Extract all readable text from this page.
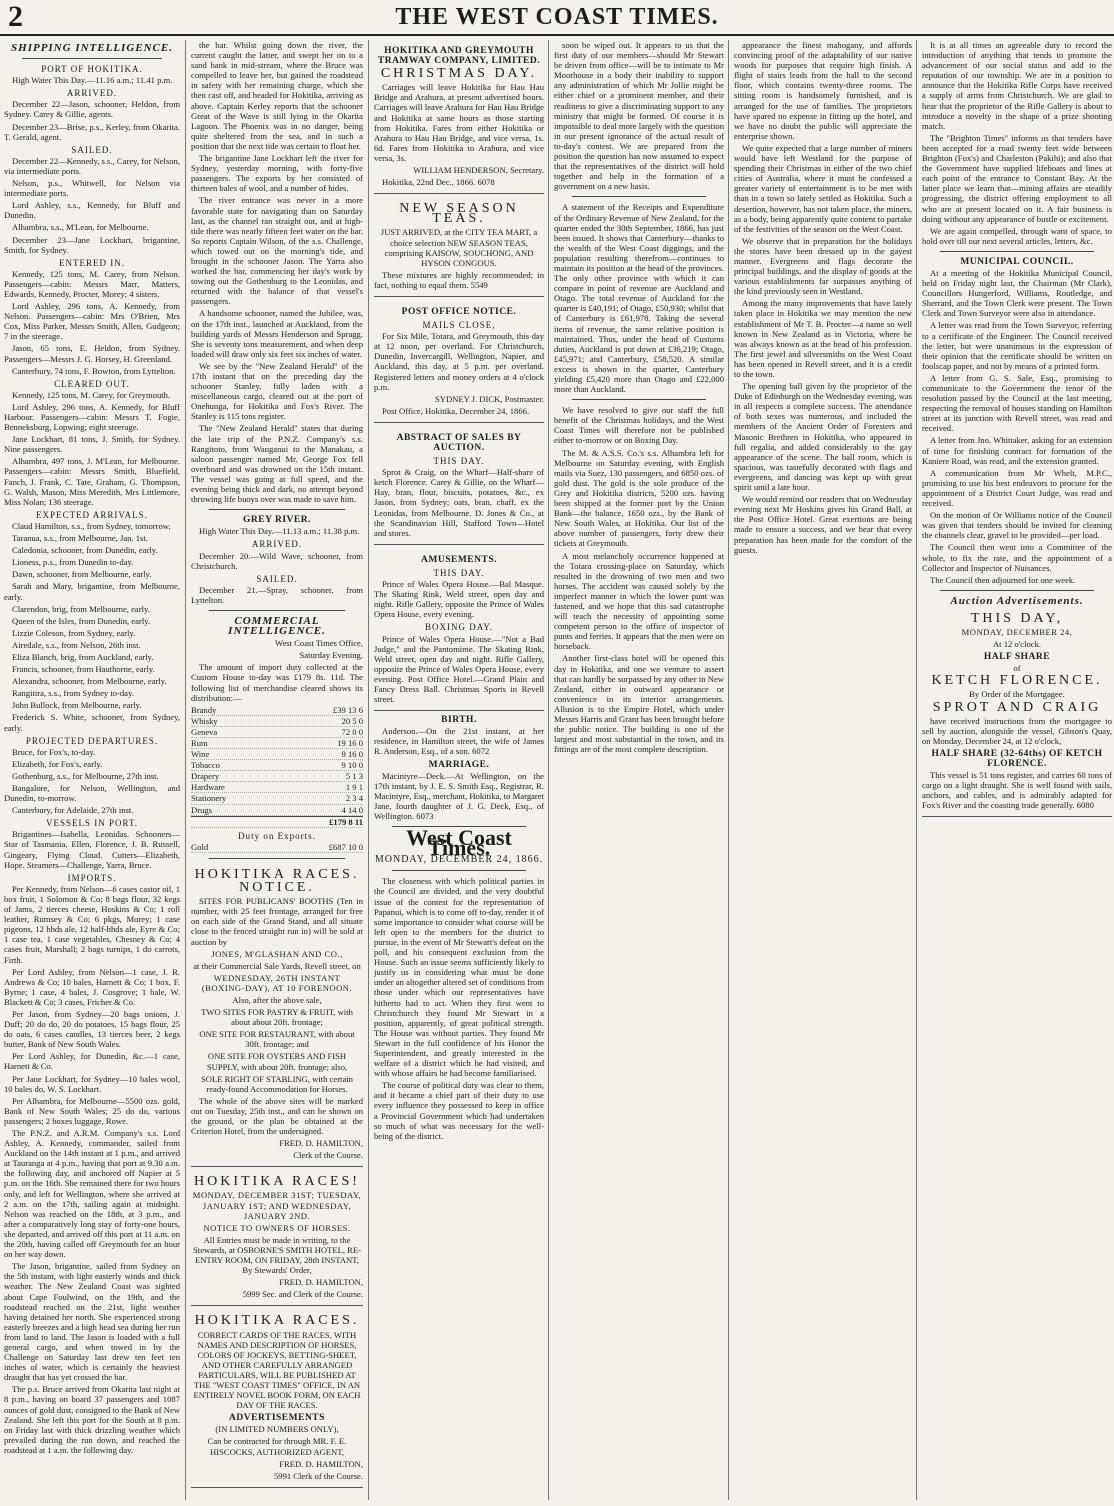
2	THE WEST COAST TIMES.
SHIPPING INTELLIGENCE.
PORT OF HOKITIKA.

High Water This Day.—11.16 a.m.; 11.41 p.m.

ARRIVED.

December 22—Jason, schooner, Heldon, from Sydney. Carey & Gillie, agents.

December 23—Brise, p.s., Kerley, from Okarita. T. Gerald, agent.

SAILED.

December 22—Kennedy, s.s., Carey, for Nelson, via intermediate ports.

Nelson, p.s., Whitwell, for Nelson via intermediate ports.

Lord Ashley, s.s., Kennedy, for Bluff and Dunedin.

Alhambra, s.s., M'Lean, for Melbourne.

December 23—Jane Lockhart, brigantine, Smith, for Sydney.

ENTERED IN.

Kennedy, 125 tons, M. Carey, from Nelson. Passengers—cabin: Messrs Marr, Matters, Edwards, Kennedy, Procter, Morey; 4 sisters.

Lord Ashley, 296 tons, A. Kennedy, from Nelson. Passengers—cabin: Mrs O'Brien, Mrs Cox, Miss Parker, Messrs Smith, Allen, Gudgeon; 7 in the steerage.

Jason, 65 tons, E. Heldon, from Sydney. Passengers—Messrs J. G. Horsey, H. Greenland.

Canterbury, 74 tons, F. Bowton, from Lyttelton.

CLEARED OUT.

Kennedy, 125 tons, M. Carey, for Greymouth.

Lord Ashley, 296 tons, A. Kennedy, for Bluff Harbour. Passengers—cabin: Messrs T. Fogie, Benneksburg, Lopwing; eight steerage.

Jane Lockhart, 81 tons, J. Smith, for Sydney. Nine passengers.

Alhambra, 497 tons, J. M'Lean, for Melbourne. Passengers—cabin: Messrs Smith, Bluefield, Fanch, J. Frank, C. Tate, Graham, G. Thompson, G. Walsh, Mason, Miss Meredith, Mrs Littlemore, Miss Nolan; 136 steerage.

EXPECTED ARRIVALS.

Claud Hamilton, s.s., from Sydney, tomorrow.

Taranua, s.s., from Melbourne, Jan. 1st.

Caledonia, schooner, from Dunedin, early.

Lioness, p.s., from Dunedin to-day.

Dawn, schooner, from Melbourne, early.

Sarah and Mary, brigantine, from Melbourne, early.

Clarendon, brig, from Melbourne, early.

Queen of the Isles, from Dunedin, early.

Lizzie Coleson, from Sydney, early.

Airedale, s.s., from Nelson, 26th inst.

Eliza Blanch, brig, from Auckland, early.

Francis, schooner, from Hauthorne, early.

Alexandra, schooner, from Melbourne, early.

Rangitira, s.s., from Sydney to-day.

John Bullock, from Melbourne, early.

Frederick S. White, schooner, from Sydney, early.

PROJECTED DEPARTURES.

Bruce, for Fox's, to-day.

Elizabeth, for Fox's, early.

Gothenburg, s.s., for Melbourne, 27th inst.

Bangalore, for Nelson, Wellington, and Dunedin, to-morrow.

Canterbury, for Adelaide, 27th inst.

VESSELS IN PORT.

Brigantines—Isabella, Leonidas. Schooners—Star of Tasmania, Ellen, Florence, J. B. Russell, Gingeary, Flying Cloud. Cutters—Elizabeth, Hope. Steamers—Challenge, Yarra, Bruce.

IMPORTS.

Per Kennedy, from Nelson—6 cases castor oil, 1 box fruit, 1 Solomon & Co; 8 bags flour, 32 kegs of Jams, 2 tierces cheese, Hoskins & Co; 1 roll leather, Rumsey & Co; 6 pkgs, Morey; 1 case pigeons, 12 hhds ale, 12 half-hhds ale, Eyre & Co; 1 case tea, 1 case vegetables, Chesney & Co; 4 cases fruit, Marshall; 2 bags turnips, 1 do carrots, Firth.

Per Lord Ashley, from Nelson—1 case, J. R. Andrews & Co; 10 bales, Harnett & Co; 1 box, F. Byrne; 1 case, 4 bales, J. Cosgrove; 1 bale, W. Blackett & Co; 3 cases, Fricher & Co.

Per Jason, from Sydney—20 bags onions, J. Duff; 20 do do, 20 do potatoes, 15 bags flour, 25 do oats, 6 cases candles, 13 tierces beer, 2 kegs butter, Bank of New South Wales.

Per Lord Ashley, for Dunedin, &c.—1 case, Harnett & Co.

Per Jane Lockhart, for Sydney—10 bales wool, 10 bales do, W. S. Lockhart.

Per Alhambra, for Melbourne—5500 ozs. gold, Bank of New South Wales; 25 do do, various passengers; 2 boxes luggage, Rowe.

The P.N.Z. and A.R.M. Company's s.s. Lord Ashley, A. Kennedy, commander, sailed from Auckland on the 14th instant at 1 p.m., and arrived at Tauranga at 4 p.m., having that port at 9.30 a.m. the following day, and anchored off Napier at 5 p.m. on the 16th. She remained there for two hours only, and left for Wellington, where she arrived at 2 a.m. on the 17th, sailing again at midnight. Nelson was reached on the 18th, at 3 p.m., and after a comparatively long stay of forty-one hours, she departed, and arrived off this port at 11 a.m. on the 20th, having called off Greymouth for an hour on her way down.

The Jason, brigantine, sailed from Sydney on the 5th instant, with light easterly winds and thick weather. The New Zealand Coast was sighted about Cape Foulwind, on the 19th, and the roadstead reached on the 21st, light weather having detained her north. She experienced strong easterly breezes and a high head sea during her run from land to land. The Jason is loaded with a full general cargo, and when towed in by the Challenge on Saturday last drew ten feet ten inches of water, which is certainly the heaviest draught that has yet crossed the bar.

The p.s. Bruce arrived from Okarita last night at 8 p.m., having on board 37 passengers and 1087 ounces of gold dust, consigned to the Bank of New Zealand. She left this port for the South at 8 p.m. on Friday last with thick drizzling weather which prevailed during the run down, and reached the roadstead at 1 a.m. the following day.

the bar. Whilst going down the river, the current caught the latter, and swept her on to a sand bank in mid-stream, where the Bruce was compelled to leave her, but gained the roadstead in safety with her remaining charge, which she then cast off, and headed for Hokitika, arriving as above. Captain Kerley reports that the schooner Great of the Wave is still lying in the Okarita Lagoon. The Phoenix was in no danger, being quite sheltered from the sea, and in such a position that the next tide was certain to float her.

The brigantine Jane Lockhart left the river for Sydney, yesterday morning, with forty-five passengers. The exports by her consisted of thirteen bales of wool, and a number of hides.

The river entrance was never in a more favorable state for navigating than on Saturday last, as the channel ran straight out, and at high-tide there was nearly fifteen feet water on the bar. So reports Captain Wilson, of the s.s. Challenge, which towed out on the morning's tide, and brought in the schooner Jason. The Yarra also worked the bar, commencing her day's work by towing out the Gothenburg to the Leonidas, and returned with the balance of that vessel's passengers.

A handsome schooner, named the Jubilee, was, on the 17th inst., launched at Auckland, from the building yards of Messrs Henderson and Spragg. She is seventy tons measurement, and when deep loaded will draw only six feet six inches of water.

We see by the "New Zealand Herald" of the 17th instant that on the preceding day the schooner Stanley, fully laden with a miscellaneous cargo, cleared out at the port of Onehunga, for Hokitika and Fox's River. The Stanley is 115 tons register.

The "New Zealand Herald" states that during the late trip of the P.N.Z. Company's s.s. Rangitoto, from Wanganui to the Manakau, a saloon passenger named Mr. George Fox fell overboard and was drowned on the 15th instant. The vessel was going at full speed, and the evening being thick and dark, no attempt beyond throwing life buoys over was made to save him.

GREY RIVER.

High Water This Day.—11.13 a.m.; 11.38 p.m.

ARRIVED.

December 20.—Wild Wave, schooner, from Christchurch.

SAILED.

December 21.—Spray, schooner, from Lyttelton.

COMMERCIAL INTELLIGENCE.

West Coast Times Office,

Saturday Evening.

The amount of import duty collected at the Custom House to-day was £179 8s. 11d. The following list of merchandise cleared shows its distribution:—

Brandy	£39 13 6
Whisky	20 5 0
Geneva	72 0 0
Rum	19 16 0
Wine	9 16 0
Tobacco	9 10 0
Drapery	5 1 3
Hardware	1 9 1
Stationery	2 3 4
Drugs	4 14 0
£179 8 11
Duty on Exports.
Gold	£687 10 0
HOKITIKA RACES.
NOTICE.

SITES FOR PUBLICANS' BOOTHS (Ten in number, with 25 feet frontage, arranged for free on each side of the Grand Stand, and all situate close to the fenced straight run in) will be sold at auction by

JONES, M'GLASHAN AND CO.,

at their Commercial Sale Yards, Revell street, on

WEDNESDAY, 26TH INSTANT (BOXING-DAY), AT 10 FORENOON.

Also, after the above sale,

TWO SITES FOR PASTRY & FRUIT, with about about 20ft. frontage;

ONE SITE FOR RESTAURANT, with about 30ft. frontage; and

ONE SITE FOR OYSTERS AND FISH SUPPLY, with about 20ft. frontage; also,

SOLE RIGHT OF STABLING, with certain ready-found Accommodation for Horses.

The whole of the above sites will be marked out on Tuesday, 25th inst., and can be shown on the ground, or the plan be obtained at the Criterion Hotel, from the undersigned.

FRED. D. HAMILTON,

Clerk of the Course.

HOKITIKA RACES!

MONDAY, DECEMBER 31ST; TUESDAY, JANUARY 1ST; AND WEDNESDAY, JANUARY 2ND.

NOTICE TO OWNERS OF HORSES.

All Entries must be made in writing, to the Stewards, at OSBORNE'S SMITH HOTEL, RE-ENTRY ROOM, ON FRIDAY, 28th INSTANT, By Stewards' Order,

FRED. D. HAMILTON,

5999 Sec. and Clerk of the Course.

HOKITIKA RACES.

CORRECT CARDS OF THE RACES, WITH NAMES AND DESCRIPTION OF HORSES, COLORS OF JOCKEYS, BETTING-SHEET, AND OTHER CAREFULLY ARRANGED PARTICULARS, WILL BE PUBLISHED AT THE "WEST COAST TIMES" OFFICE, IN AN ENTIRELY NOVEL BOOK FORM, ON EACH DAY OF THE RACES.

ADVERTISEMENTS

(IN LIMITED NUMBERS ONLY),

Can be contracted for through MR. F. E. HISCOCKS, AUTHORIZED AGENT,

FRED. D. HAMILTON,

5991 Clerk of the Course.

HOKITIKA AND GREYMOUTH TRAMWAY COMPANY, LIMITED.
CHRISTMAS DAY.

Carriages will leave Hokitika for Hau Hau Bridge and Arahura, at present advertised hours. Carriages will leave Arahura for Hau Hau Bridge and Hokitika at same hours as those starting from Hokitika. Fares from either Hokitika or Arahura to Hau Hau Bridge, and vice versa, 1s. 6d. Fares from Hokitika to Arahura, and vice versa, 3s.

WILLIAM HENDERSON, Secretary.

Hokitika, 22nd Dec., 1866. 6078

NEW SEASON TEAS.

JUST ARRIVED, at the CITY TEA MART, a choice selection NEW SEASON TEAS, comprising KAISOW, SOUCHONG, AND HYSON CONGOUS.

These mixtures are highly recommended; in fact, nothing to equal them. 5549

POST OFFICE NOTICE.
MAILS CLOSE,

For Six Mile, Totara, and Greymouth, this day at 12 noon, per overland. For Christchurch, Dunedin, Invercargill, Wellington, Napier, and Auckland, this day, at 5 p.m. per overland. Registered letters and money orders at 4 o'clock p.m.

SYDNEY J. DICK, Postmaster.

Post Office, Hokitika, December 24, 1866.

ABSTRACT OF SALES BY AUCTION.
THIS DAY.

Sprot & Craig, on the Wharf—Half-share of ketch Florence. Carey & Gillie, on the Wharf—Hay, bran, flour, biscuits, potatoes, &c., ex Jason, from Sydney; oats, bran, chaff, ex the Leonidas, from Melbourne. D. Jones & Co., at the Scandinavian Hill, Stafford Town—Hotel and stores.

AMUSEMENTS.
THIS DAY.

Prince of Wales Opera House.—Bal Masque. The Skating Rink, Weld street, open day and night. Rifle Gallery, opposite the Prince of Wales Opera House, every evening.

BOXING DAY.

Prince of Wales Opera House.—"Not a Bad Judge," and the Pantomime. The Skating Rink, Weld street, open day and night. Rifle Gallery, opposite the Prince of Wales Opera House, every evening. Post Office Hotel.—Grand Plain and Fancy Dress Ball. Christmas Sports in Revell street.

BIRTH.

Anderson.—On the 21st instant, at her residence, in Hamilton street, the wife of James R. Anderson, Esq., of a son. 6072

MARRIAGE.

Macintyre—Deck.—At Wellington, on the 17th instant, by J. E. S. Smith Esq., Registrar, R. Macintyre, Esq., merchant, Hokitika, to Margaret Jane, fourth daughter of J. G. Deck, Esq., of Wellington. 6073

West Coast Times.
MONDAY, DECEMBER 24, 1866.

The closeness with which political parties in the Council are divided, and the very doubtful issue of the contest for the representation of Papanui, which is to come off to-day, render it of some importance to consider what course will be left open to the members for the district to pursue, in the event of Mr Stewart's defeat on the poll, and his consequent exclusion from the House. Such an issue seems sufficiently likely to justify us in considering what must be done under an altogether altered set of conditions from those under which our representatives have hitherto had to act. When they first went to Christchurch they found Mr Stewart in a position, apparently, of great political strength. The House was without parties. They found Mr Stewart in the full confidence of his Honor the Superintendent, and greatly interested in the welfare of a district which he had visited, and with whose affairs he had become familiarised.

The course of political duty was clear to them, and it became a chief part of their duty to use every influence they possessed to keep in office a Provincial Government which had undertaken so much of what was necessary for the well-being of the district.

soon be wiped out. It appears to us that the first duty of our members—should Mr Stewart be driven from office—will be to intimate to Mr Moorhouse in a body their inability to support any administration of which Mr Jollie might be either chief or a prominent member, and their readiness to give a discriminating support to any ministry that might be formed. Of course it is impossible to deal more largely with the question in our present ignorance of the actual result of to-day's contest. We are prepared from the position the question has now assumed to expect that the representatives of the district will hold together and help in the formation of a government on a new basis.

A statement of the Receipts and Expenditure of the Ordinary Revenue of New Zealand, for the quarter ended the 30th September, 1866, has just been issued. It shows that Canterbury—thanks to the wealth of the West Coast diggings, and the population resulting therefrom—continues to maintain its position at the head of the provinces. The only other province with which it can compare in point of revenue are Auckland and Otago. The total revenue of Auckland for the quarter is £40,191; of Otago, £50,930; whilst that of Canterbury is £61,978. Taking the several items of revenue, the same relative position is maintained. Thus, under the head of Customs duties, Auckland is put down at £36,219; Otago, £45,971; and Canterbury, £58,520. A similar excess is shown in the quarter, Canterbury yielding £5,420 more than Otago and £22,000 more than Auckland.

We have resolved to give our staff the full benefit of the Christmas holidays, and the West Coast Times will therefore not be published either to-morrow or on Boxing Day.

The M. & A.S.S. Co.'s s.s. Alhambra left for Melbourne on Saturday evening, with English mails via Suez, 130 passengers, and 6850 ozs. of gold dust. The gold is the sole produce of the Grey and Hokitika districts, 5200 ozs. having been shipped at the former port by the Union Bank—the balance, 1650 ozs., by the Bank of New South Wales, at Hokitika. Our list of the above number of passengers, forty drew their tickets at Greymouth.

A most melancholy occurrence happened at the Totara crossing-place on Saturday, which resulted in the drowning of two men and two horses. The accident was caused solely by the imperfect manner in which the lower punt was fastened, and we hope that this sad catastrophe will teach the necessity of appointing some competent person to the office of inspector of punts and ferries. It appears that the men were on horseback.

Another first-class hotel will be opened this day in Hokitika, and one we venture to assert that can hardly be surpassed by any other in New Zealand, either in outward appearance or convenience in its interior arrangements. Allusion is to the Empire Hotel, which under Messrs Harris and Grant has been brought before the public notice. The building is one of the largest and most substantial in the town, and its fittings are of the most complete description.

appearance the finest mahogany, and affords convincing proof of the adaptability of our native woods for purposes that require high finish. A flight of stairs leads from the hall to the second floor, which contains twenty-three rooms. The sitting room is handsomely furnished, and is arranged for the use of families. The proprietors have spared no expense in fitting up the hotel, and we have no doubt the public will appreciate the enterprise shown.

We quite expected that a large number of miners would have left Westland for the purpose of spending their Christmas in either of the two chief cities of Australia, where it must be confessed a greater variety of entertainment is to be met with than in a town so lately settled as Hokitika. Such a desertion, however, has not taken place, the miners, as a body, being apparently quite content to partake of the festivities of the season on the West Coast.

We observe that in preparation for the holidays the stores have been dressed up in the gayest manner. Evergreens and flags decorate the principal buildings, and the display of goods at the various establishments far surpasses anything of the kind previously seen in Westland.

Among the many improvements that have lately taken place in Hokitika we may mention the new establishment of Mr T. B. Procter—a name so well known in New Zealand as in Victoria, where he was always known as at the head of his profession. The first jewel and silversmiths on the West Coast has been opened in Revell street, and it is a credit to the town.

The opening ball given by the proprietor of the Duke of Edinburgh on the Wednesday evening, was in all respects a complete success. The attendance of both sexes was numerous, and included the members of the Ancient Order of Foresters and Masonic Brethren in Hokitika, who appeared in full regalia, and added considerably to the gay appearance of the scene. The ball room, which is spacious, was tastefully decorated with flags and evergreens, and dancing was kept up with great spirit until a late hour.

We would remind our readers that on Wednesday evening next Mr Hoskins gives his Grand Ball, at the Post Office Hotel. Great exertions are being made to ensure a success, and we hear that every preparation has been made for the comfort of the guests.

It is at all times an agreeable duty to record the introduction of anything that tends to promote the advancement of our social status and add to the reputation of our township. We are in a position to announce that the Hokitika Rifle Corps have received a supply of arms from Christchurch. We are glad to hear that the proprietor of the Rifle Gallery is about to introduce a novelty in the shape of a prize shooting match.

The "Brighton Times" informs us that tenders have been accepted for a road twenty feet wide between Brighton (Fox's) and Charleston (Pakihi); and also that the Government have supplied lifeboats and lines at each point of the entrance to Constant Bay. At the latter place we learn that—mining affairs are steadily progressing, the district offering employment to all who are at present located on it. A fair business is doing without any appearance of bustle or excitement.

We are again compelled, through want of space, to hold over till our next several articles, letters, &c.

MUNICIPAL COUNCIL.

At a meeting of the Hokitika Municipal Council, held on Friday night last, the Chairman (Mr Clark), Councillors Hungerford, Williams, Routledge, and Sherrard, and the Town Clerk were present. The Town Clerk and Town Surveyor were also in attendance.

A letter was read from the Town Surveyor, referring to a certificate of the Engineer. The Council received the letter, but were unanimous in the expression of their opinion that the certificate should be written on foolscap paper, and not by means of a printed form.

A letter from G. S. Sale, Esq., promising to communicate to the Government the tenor of the resolution passed by the Council at the last meeting, respecting the removal of houses standing on Hamilton street at its junction with Revell street, was read and received.

A letter from Jno. Whittaker, asking for an extension of time for finishing contract for formation of the Kaniere Road, was read, and the extension granted.

A communication from Mr Whelt, M.P.C., promising to use his best endeavors to procure for the appointment of a District Court Judge, was read and received.

On the motion of Or Williams notice of the Council was given that tenders should be invited for cleaning the channels clear, gravel to be provided—per load.

The Council then went into a Committee of the whole, to fix the rate, and the appointment of a Collector and Inspector of Nuisances.

The Council then adjourned for one week.

Auction Advertisements.
THIS DAY,

MONDAY, DECEMBER 24,

At 12 o'clock.

HALF SHARE

of

KETCH FLORENCE.

By Order of the Mortgagee.

SPROT AND CRAIG

have received instructions from the mortgagee to sell by auction, alongside the vessel, Gibson's Quay, on Monday, December 24, at 12 o'clock,

HALF SHARE (32-64ths) OF KETCH FLORENCE.

This vessel is 51 tons register, and carries 60 tons of cargo on a light draught. She is well found with sails, anchors, and cables, and is admirably adapted for Fox's River and the coasting trade generally. 6080
